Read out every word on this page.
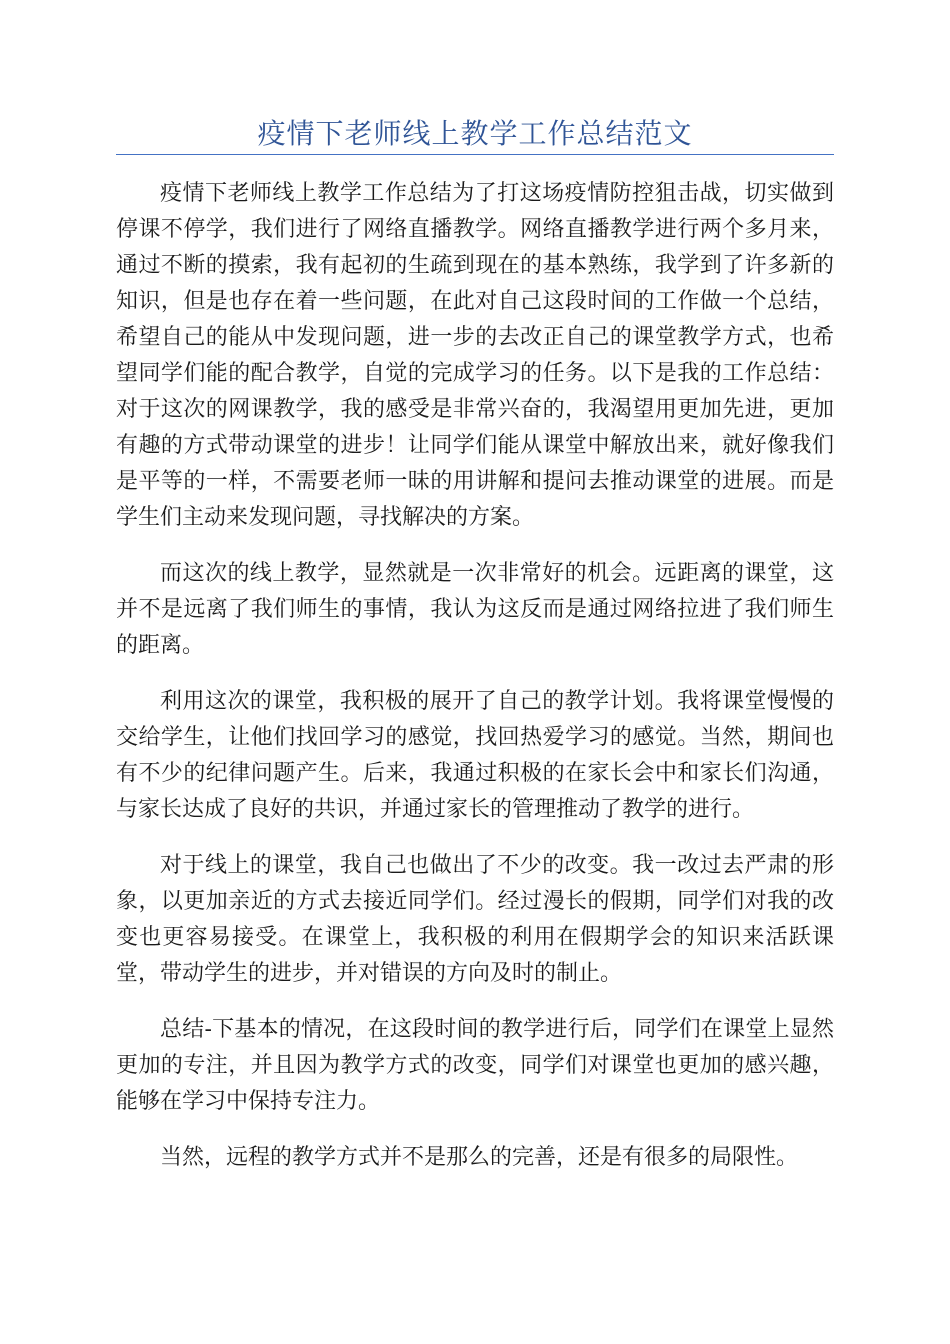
疫情下老师线上教学工作总结范文

疫情下老师线上教学工作总结为了打这场疫情防控狙击战，切实做到停课不停学，我们进行了网络直播教学。网络直播教学进行两个多月来，通过不断的摸索，我有起初的生疏到现在的基本熟练，我学到了许多新的知识，但是也存在着一些问题，在此对自己这段时间的工作做一个总结，希望自己的能从中发现问题，进一步的去改正自己的课堂教学方式，也希望同学们能的配合教学，自觉的完成学习的任务。以下是我的工作总结：对于这次的网课教学，我的感受是非常兴奋的，我渴望用更加先进，更加有趣的方式带动课堂的进步！让同学们能从课堂中解放出来，就好像我们是平等的一样，不需要老师一昧的用讲解和提问去推动课堂的进展。而是学生们主动来发现问题，寻找解决的方案。

而这次的线上教学，显然就是一次非常好的机会。远距离的课堂，这并不是远离了我们师生的事情，我认为这反而是通过网络拉进了我们师生的距离。

利用这次的课堂，我积极的展开了自己的教学计划。我将课堂慢慢的交给学生，让他们找回学习的感觉，找回热爱学习的感觉。当然，期间也有不少的纪律问题产生。后来，我通过积极的在家长会中和家长们沟通，与家长达成了良好的共识，并通过家长的管理推动了教学的进行。

对于线上的课堂，我自己也做出了不少的改变。我一改过去严肃的形象，以更加亲近的方式去接近同学们。经过漫长的假期，同学们对我的改变也更容易接受。在课堂上，我积极的利用在假期学会的知识来活跃课堂，带动学生的进步，并对错误的方向及时的制止。

总结-下基本的情况，在这段时间的教学进行后，同学们在课堂上显然更加的专注，并且因为教学方式的改变，同学们对课堂也更加的感兴趣，能够在学习中保持专注力。

当然，远程的教学方式并不是那么的完善，还是有很多的局限性。
